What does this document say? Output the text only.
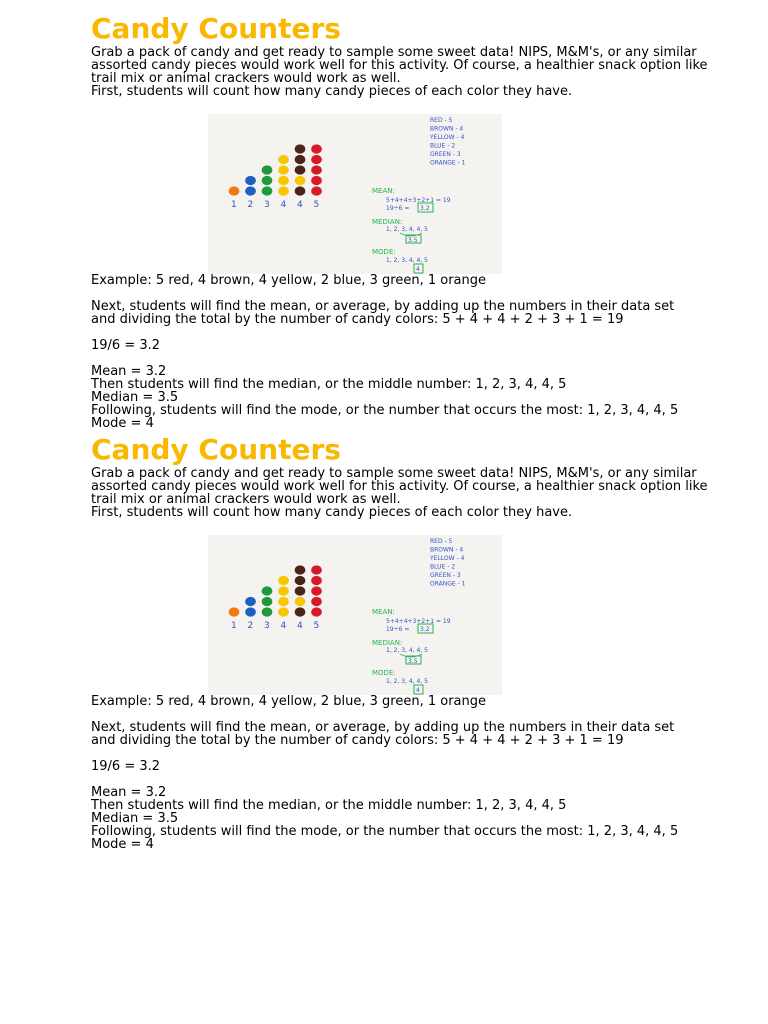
Candy Counters

Grab a pack of candy and get ready to sample some sweet data! NIPS, M&M's, or any similar assorted candy pieces would work well for this activity. Of course, a healthier snack option like trail mix or animal crackers would work as well.

First, students will count how many candy pieces of each color they have.

1 2 3 4 4 5
RED - 5
BROWN - 4
YELLOW - 4
BLUE - 2
GREEN - 3
ORANGE - 1
MEAN:
5+4+4+3+2+1 = 19
19÷6 = 3.2
MEDIAN:
1, 2, 3, 4, 4, 5
3.5
MODE:
1, 2, 3, 4, 4, 5
4

Example: 5 red, 4 brown, 4 yellow, 2 blue, 3 green, 1 orange

Next, students will find the mean, or average, by adding up the numbers in their data set

and dividing the total by the number of candy colors: 5 + 4 + 4 + 2 + 3 + 1 = 19

19/6 = 3.2

Mean = 3.2

Then students will find the median, or the middle number: 1, 2, 3, 4, 4, 5

Median = 3.5

Following, students will find the mode, or the number that occurs the most: 1, 2, 3, 4, 4, 5

Mode = 4

Candy Counters

Grab a pack of candy and get ready to sample some sweet data! NIPS, M&M's, or any similar assorted candy pieces would work well for this activity. Of course, a healthier snack option like trail mix or animal crackers would work as well.

First, students will count how many candy pieces of each color they have.

1 2 3 4 4 5
RED - 5
BROWN - 4
YELLOW - 4
BLUE - 2
GREEN - 3
ORANGE - 1
MEAN:
5+4+4+3+2+1 = 19
19÷6 = 3.2
MEDIAN:
1, 2, 3, 4, 4, 5
3.5
MODE:
1, 2, 3, 4, 4, 5
4

Example: 5 red, 4 brown, 4 yellow, 2 blue, 3 green, 1 orange

Next, students will find the mean, or average, by adding up the numbers in their data set

and dividing the total by the number of candy colors: 5 + 4 + 4 + 2 + 3 + 1 = 19

19/6 = 3.2

Mean = 3.2

Then students will find the median, or the middle number: 1, 2, 3, 4, 4, 5

Median = 3.5

Following, students will find the mode, or the number that occurs the most: 1, 2, 3, 4, 4, 5

Mode = 4
